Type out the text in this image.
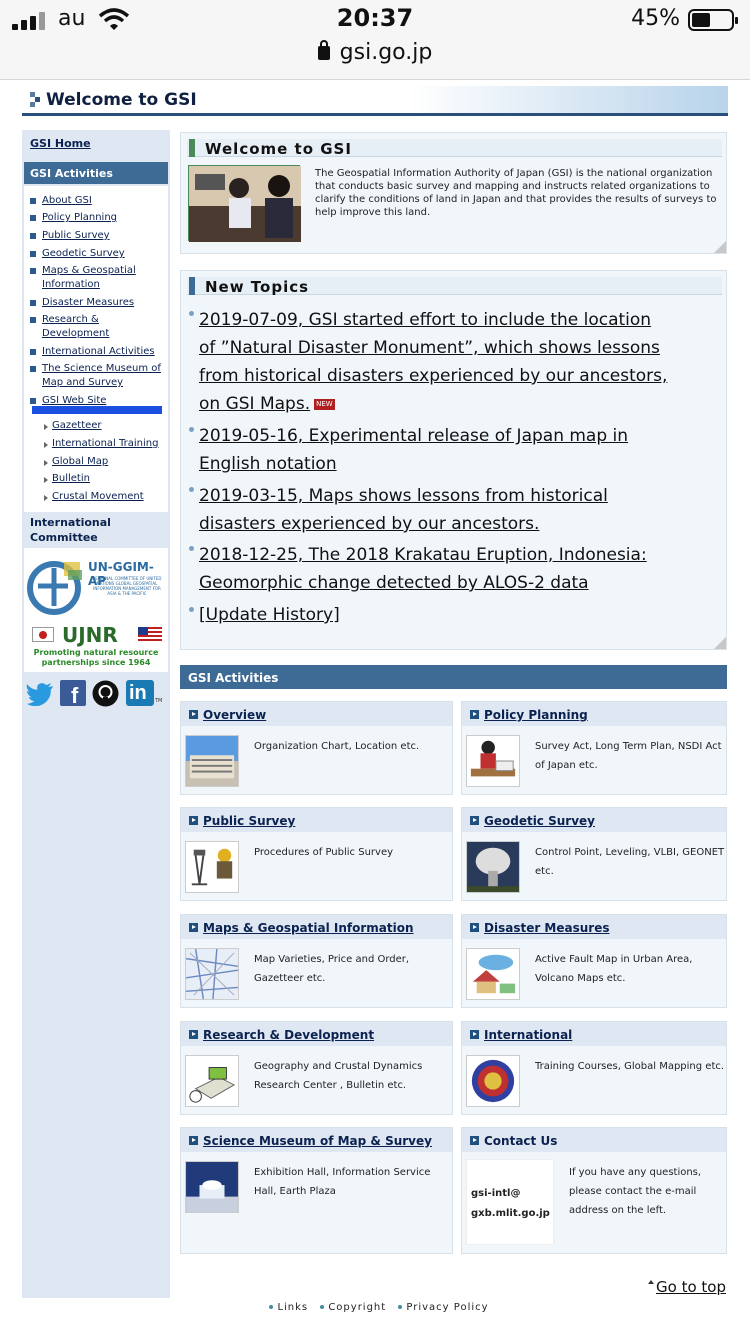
au	20:37	45%
gsi.go.jp
Welcome to GSI
GSI Home
GSI Activities
About GSI
Policy Planning
Public Survey
Geodetic Survey
Maps & Geospatial Information
Disaster Measures
Research & Development
International Activities
The Science Museum of Map and Survey
GSI Web Site
Gazetteer
International Training
Global Map
Bulletin
Crustal Movement
International Committee
UN-GGIM-AP
REGIONAL COMMITTEE OF UNITED NATIONS GLOBAL GEOSPATIAL INFORMATION MANAGEMENT FOR ASIA & THE PACIFIC
UJNR
Promoting natural resource
partnerships since 1964
f	in TM
Welcome to GSI
The Geospatial Information Authority of Japan (GSI) is the national organization that conducts basic survey and mapping and instructs related organizations to clarify the conditions of land in Japan and that provides the results of surveys to help improve this land.
New Topics
2019-07-09, GSI started effort to include the location
of ”Natural Disaster Monument”, which shows lessons
from historical disasters experienced by our ancestors,
on GSI Maps. NEW
2019-05-16, Experimental release of Japan map in
English notation
2019-03-15, Maps shows lessons from historical
disasters experienced by our ancestors.
2018-12-25, The 2018 Krakatau Eruption, Indonesia:
Geomorphic change detected by ALOS-2 data
[Update History]
GSI Activities
Overview
Organization Chart, Location etc.
Policy Planning
Survey Act, Long Term Plan, NSDI Act of Japan etc.
Public Survey
Procedures of Public Survey
Geodetic Survey
Control Point, Leveling, VLBI, GEONET etc.
Maps & Geospatial Information
Map Varieties, Price and Order, Gazetteer etc.
Disaster Measures
Active Fault Map in Urban Area, Volcano Maps etc.
Research & Development
Geography and Crustal Dynamics Research Center , Bulletin etc.
International
Training Courses, Global Mapping etc.
Science Museum of Map & Survey
Exhibition Hall, Information Service Hall, Earth Plaza
Contact Us
gsi-intl@
gxb.mlit.go.jp
If you have any questions, please contact the e-mail address on the left.
Go to top
Links Copyright Privacy Policy
